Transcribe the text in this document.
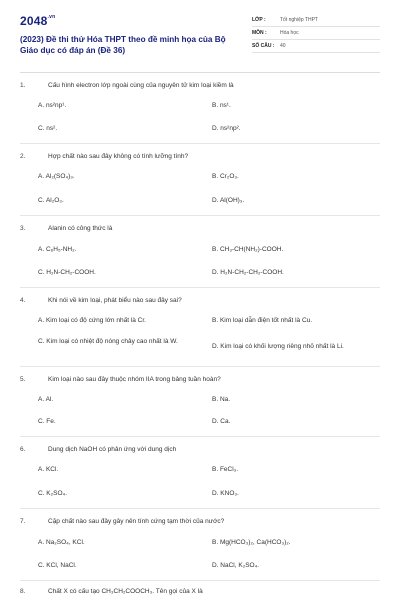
$2048^{.vn}$
(2023) Đề thi thử Hóa THPT theo đề minh họa của Bộ Giáo dục có đáp án (Đề 36)
LỚP :	Tốt nghiệp THPT
MÔN :	Hóa học
SỐ CÂU :	40
1.	Cấu hình electron lớp ngoài cùng của nguyên tử kim loại kiềm là
A. ns²np¹.	B. ns¹.
C. ns².	D. ns²np².
2.	Hợp chất nào sau đây không có tính lưỡng tính?
A. Al₂(SO₄)₃.	B. Cr₂O₃.
C. Al₂O₃.	D. Al(OH)₃.
3.	Alanin có công thức là
A. C₆H₅-NH₂.	B. CH₃-CH(NH₂)-COOH.
C. H₂N-CH₂-COOH.	D. H₂N-CH₂-CH₂-COOH.
4.	Khi nói về kim loại, phát biểu nào sau đây sai?
A. Kim loại có độ cứng lớn nhất là Cr.	B. Kim loại dẫn điện tốt nhất là Cu.
C. Kim loại có nhiệt độ nóng chảy cao nhất là W.
D. Kim loại có khối lượng riêng nhỏ nhất là Li.
5.	Kim loại nào sau đây thuộc nhóm IIA trong bảng tuần hoàn?
A. Al.	B. Na.
C. Fe.	D. Ca.
6.	Dung dịch NaOH có phản ứng với dung dịch
A. KCl.	B. FeCl₃.
C. K₂SO₄.	D. KNO₃.
7.	Cặp chất nào sau đây gây nên tính cứng tạm thời của nước?
A. Na₂SO₄, KCl.	B. Mg(HCO₃)₂, Ca(HCO₃)₂.
C. KCl, NaCl.	D. NaCl, K₂SO₄.
8.	Chất X có cấu tạo CH₃CH₂COOCH₃. Tên gọi của X là
